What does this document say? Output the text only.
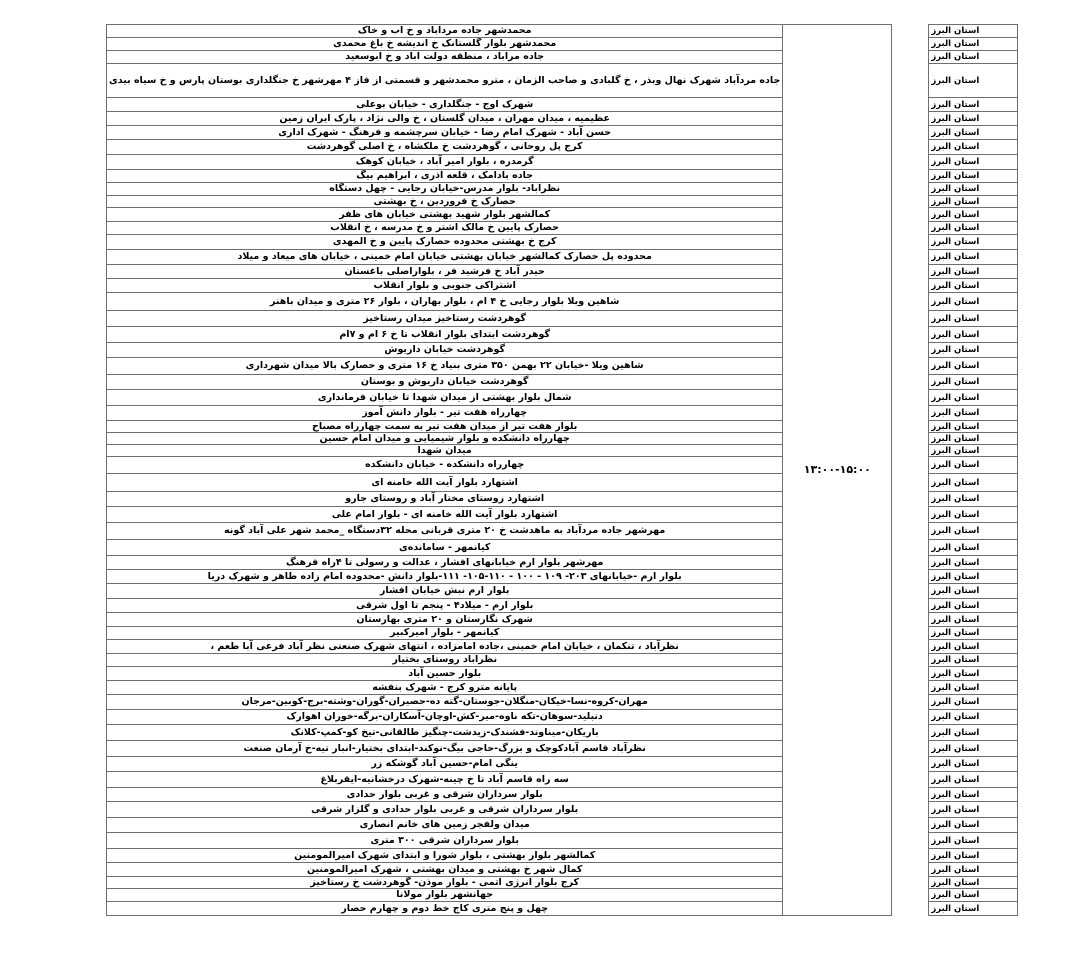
محمدشهر جاده مردآباد و خ اب و خاک	۱۳:۰۰-۱۵:۰۰		استان البرز
محمدشهر بلوار گلستانک خ اندیشه خ باغ محمدی			استان البرز
جاده مراباد ، منطقه دولت آباد و خ ابوسعید			استان البرز
جاده مردآباد شهرک نهال وبذر ، خ گلبادی و صاحب الزمان ، مترو محمدشهر و قسمتی از فاز ۴ مهرشهر خ جنگلداری بوستان پارس و خ سیاه بیدی			استان البرز
شهرک اوج - جنگلداری - خیابان بوعلی			استان البرز
عظیمیه ، میدان مهران ، میدان گلستان ، خ والی نژاد ، پارک ایران زمین			استان البرز
حسن آباد - شهرک امام رضا - خیابان سرچشمه و فرهنگ - شهرک اداری			استان البرز
کرج پل روحانی ، گوهردشت خ ملکشاه ، خ اصلی گوهردشت			استان البرز
گرمدره ، بلوار امیر آباد ، خیابان کوهک			استان البرز
جاده بادامک ، قلعه آذری ، ابراهیم بیگ			استان البرز
نظرآباد- بلوار مدرس-خیابان رجایی - چهل دستگاه			استان البرز
حصارک خ فروردین ، خ بهشتی			استان البرز
کمالشهر بلوار شهید بهشتی خیابان های ظفر			استان البرز
حصارک پایین خ مالک اشتر و خ مدرسه ، خ انقلاب			استان البرز
کرج خ بهشتی محدوده حصارک پایین و خ المهدی			استان البرز
محدوده پل حصارک کمالشهر خیابان بهشتی خیابان امام خمینی ، خیابان های میعاد و میلاد			استان البرز
حیدر آباد خ فرشید فر ، بلواراصلی باغستان			استان البرز
اشتراکی جنوبی و بلوار انقلاب			استان البرز
شاهین ویلا بلوار رجایی خ ۴ ام ، بلوار بهاران ، بلوار ۲۶ متری و میدان باهنر			استان البرز
گوهردشت رستاخیز میدان رستاخیز			استان البرز
گوهردشت ابتدای بلوار انقلاب تا خ ۶ ام و ۷ام			استان البرز
گوهردشت خیابان داریوش			استان البرز
شاهین ویلا -خیابان ۲۲ بهمن ۳۵۰ متری بنیاد خ ۱۶ متری و حصارک بالا میدان شهرداری			استان البرز
گوهردشت خیابان داریوش و بوستان			استان البرز
شمال بلوار بهشتی از میدان شهدا تا خیابان فرمانداری			استان البرز
چهارراه هفت تیر - بلوار دانش آموز			استان البرز
بلوار هفت تیر از میدان هفت تیر به سمت چهارراه مصباح			استان البرز
چهارراه دانشکده و بلوار شیمیایی و میدان امام حسین			استان البرز
میدان شهدا			استان البرز
چهارراه دانشکده - خیابان دانشکده			استان البرز
اشتهارد بلوار آیت الله خامنه ای			استان البرز
اشتهارد روستای مختار آباد و روستای جارو			استان البرز
اشتهارد بلوار آیت الله خامنه ای - بلوار امام علی			استان البرز
مهرشهر جاده مردآباد به ماهدشت خ ۲۰ متری قربانی محله ۳۲دستگاه _محمد شهر علی آباد گونه			استان البرز
کیانمهر - سامانده‌ی			استان البرز
مهرشهر بلوار ارم خیابانهای افشار ، عدالت و رسولی تا ۴راه فرهنگ			استان البرز
بلوار ارم -خیابانهای ۲۰۳- ۱۰۹ - ۱۰۰ - ۱۱۰-۱۰۵- ۱۱۱-بلوار دانش -محدوده امام زاده طاهر و شهرک دریا			استان البرز
بلوار ارم نبش خیابان افشار			استان البرز
بلوار ارم - میلاد۴ - پنجم تا اول شرقی			استان البرز
شهرک نگارستان و ۲۰ متری بهارستان			استان البرز
کیانمهر - بلوار امیرکبیر			استان البرز
نظرآباد ، تنکمان ، خیابان امام خمینی ،جاده امامزاده ، انتهای شهرک صنعتی نظر آباد فرعی آبا طعم ،			استان البرز
نظرآباد روستای بختیار			استان البرز
بلوار حسین آباد			استان البرز
پایانه مترو کرج - شهرک بنفشه			استان البرز
مهران-کروه-نسا-خیکان-منگلان-جوستان-گته ده-حصیران-گوران-وشته-برج-کوبین-مرجان			استان البرز
دنبلید-سوهان-تکه ناوه-میر-کش-اوچان-آسکاران-برگه-خوران اهوارک			استان البرز
باریکان-میناوند-فشندک-زیدشت-چنگیز طالقانی-تیخ کو-کمپ-کلانک			استان البرز
نظرآباد قاسم آبادکوچک و بزرگ-حاجی بیگ-نوکند-ابتدای بختیار-انبار تیه-خ آرمان صنعت			استان البرز
ینگی امام-حسین آباد گوشکه زر			استان البرز
سه راه قاسم آباد تا خ چینه-شهرک درخشانیه-ایقربلاغ			استان البرز
بلوار سرداران شرقی و غربی بلوار حدادی			استان البرز
بلوار سرداران شرقی و غربی بلوار حدادی و گلزار شرقی			استان البرز
میدان ولفجر زمین های خانم انصاری			استان البرز
بلوار سرداران شرقی ۳۰۰ متری			استان البرز
کمالشهر بلوار بهشتی ، بلوار شورا و ابتدای شهرک امیرالمومنین			استان البرز
کمال شهر خ بهشتی و میدان بهشتی ، شهرک امیرالمومنین			استان البرز
کرج بلوار انرژی اتمی - بلوار موذن- گوهردشت خ رستاخیز			استان البرز
جهانشهر بلوار مولانا			استان البرز
چهل و پنج متری کاج خط دوم و چهارم حصار			استان البرز
